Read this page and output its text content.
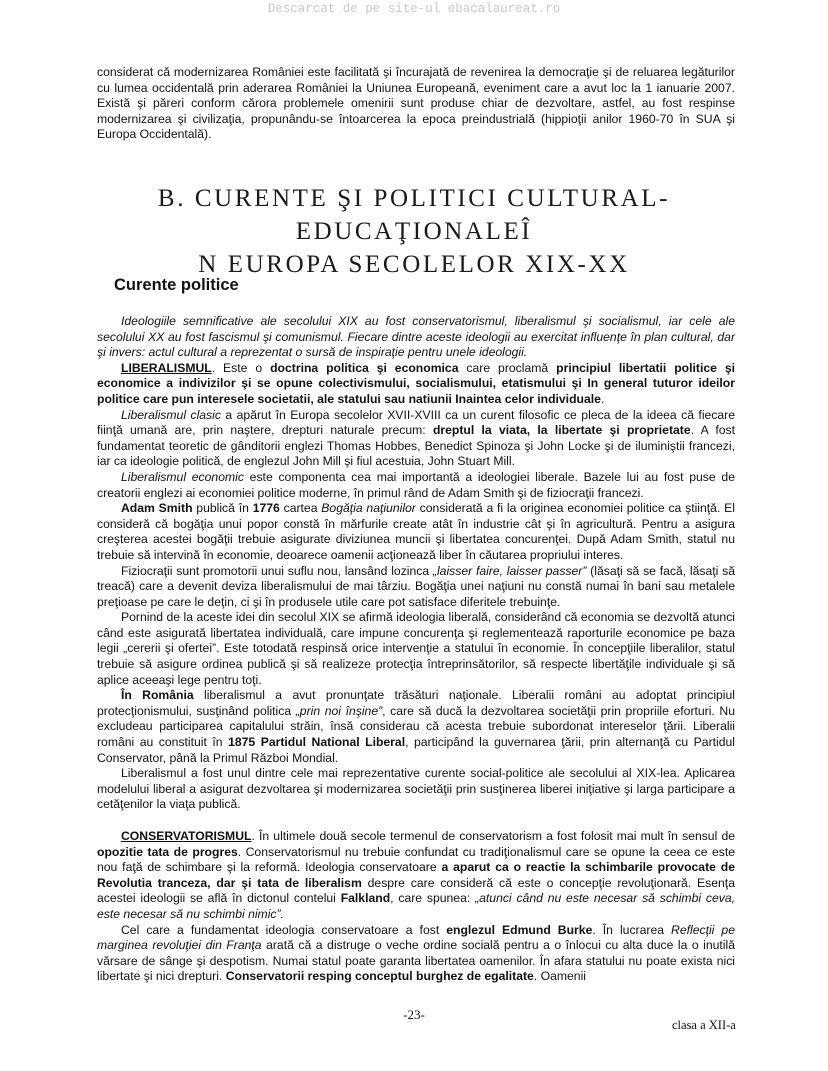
Descarcat de pe site-ul ebacalaureat.ro

considerat că modernizarea României este facilitată şi încurajată de revenirea la democraţie şi de reluarea legăturilor cu lumea occidentală prin aderarea României la Uniunea Europeană, eveniment care a avut loc la 1 ianuarie 2007. Există şi păreri conform cărora problemele omenirii sunt produse chiar de dezvoltare, astfel, au fost respinse modernizarea şi civilizaţia, propunându-se întoarcerea la epoca preindustrială (hippioţii anilor 1960-70 în SUA şi Europa Occidentală).

B. CURENTE ŞI POLITICI CULTURAL-EDUCAŢIONALEÎ
N EUROPA SECOLELOR XIX-XX
Curente politice

Ideologiile semnificative ale secolului XIX au fost conservatorismul, liberalismul şi socialismul, iar cele ale secolului XX au fost fascismul şi comunismul. Fiecare dintre aceste ideologii au exercitat influenţe în plan cultural, dar şi invers: actul cultural a reprezentat o sursă de inspiraţie pentru unele ideologii.

LIBERALISMUL. Este o doctrina politica şi economica care proclamă principiul libertatii politice şi economice a indivizilor şi se opune colectivismului, socialismului, etatismului şi In general tuturor ideilor politice care pun interesele societatii, ale statului sau natiunii Inaintea celor individuale.

Liberalismul clasic a apărut în Europa secolelor XVII-XVIII ca un curent filosofic ce pleca de la ideea că fiecare fiinţă umană are, prin naştere, drepturi naturale precum: dreptul la viata, la libertate şi proprietate. A fost fundamentat teoretic de gânditorii englezi Thomas Hobbes, Benedict Spinoza şi John Locke şi de iluminiştii francezi, iar ca ideologie politică, de englezul John Mill şi fiul acestuia, John Stuart Mill.

Liberalismul economic este componenta cea mai importantă a ideologiei liberale. Bazele lui au fost puse de creatorii englezi ai economiei politice moderne, în primul rând de Adam Smith şi de fiziocraţii francezi.

Adam Smith publică în 1776 cartea Bogăţia naţiunilor considerată a fi la originea economiei politice ca ştiinţă. El consideră că bogăţia unui popor constă în mărfurile create atât în industrie cât şi în agricultură. Pentru a asigura creşterea acestei bogăţii trebuie asigurate diviziunea muncii şi libertatea concurenţei. După Adam Smith, statul nu trebuie să intervină în economie, deoarece oamenii acţionează liber în căutarea propriului interes.

Fiziocraţii sunt promotorii unui suflu nou, lansând lozinca „laisser faire, laisser passer” (lăsaţi să se facă, lăsaţi să treacă) care a devenit deviza liberalismului de mai târziu. Bogăţia unei naţiuni nu constă numai în bani sau metalele preţioase pe care le deţin, ci şi în produsele utile care pot satisface diferitele trebuinţe.

Pornind de la aceste idei din secolul XIX se afirmă ideologia liberală, considerând că economia se dezvoltă atunci când este asigurată libertatea individuală, care impune concurenţa şi reglementează raporturile economice pe baza legii „cererii şi ofertei”. Este totodată respinsă orice intervenţie a statului în economie. În concepţiile liberalilor, statul trebuie să asigure ordinea publică şi să realizeze protecţia întreprinsătorilor, să respecte libertăţile individuale şi să aplice aceeaşi lege pentru toţi.

În România liberalismul a avut pronunţate trăsături naţionale. Liberalii români au adoptat principiul protecţionismului, susţinând politica „prin noi înşine”, care să ducă la dezvoltarea societăţii prin propriile eforturi. Nu excludeau participarea capitalului străin, însă considerau că acesta trebuie subordonat intereselor ţării. Liberalii români au constituit în 1875 Partidul National Liberal, participând la guvernarea ţării, prin alternanţă cu Partidul Conservator, până la Primul Război Mondial.

Liberalismul a fost unul dintre cele mai reprezentative curente social-politice ale secolului al XIX-lea. Aplicarea modelului liberal a asigurat dezvoltarea şi modernizarea societăţii prin susţinerea liberei iniţiative şi larga participare a cetăţenilor la viaţa publică.

CONSERVATORISMUL. În ultimele două secole termenul de conservatorism a fost folosit mai mult în sensul de opozitie tata de progres. Conservatorismul nu trebuie confundat cu tradiţionalismul care se opune la ceea ce este nou faţă de schimbare şi la reformă. Ideologia conservatoare a aparut ca o reactie la schimbarile provocate de Revolutia tranceza, dar şi tata de liberalism despre care consideră că este o concepţie revoluţionară. Esenţa acestei ideologii se află în dictonul contelui Falkland, care spunea: „atunci când nu este necesar să schimbi ceva, este necesar să nu schimbi nimic”.

Cel care a fundamentat ideologia conservatoare a fost englezul Edmund Burke. În lucrarea Reflecţii pe marginea revoluţiei din Franţa arată că a distruge o veche ordine socială pentru a o înlocui cu alta duce la o inutilă vărsare de sânge şi despotism. Numai statul poate garanta libertatea oamenilor. În afara statului nu poate exista nici libertate şi nici drepturi. Conservatorii resping conceptul burghez de egalitate. Oamenii

-23-
clasa a XII-a
